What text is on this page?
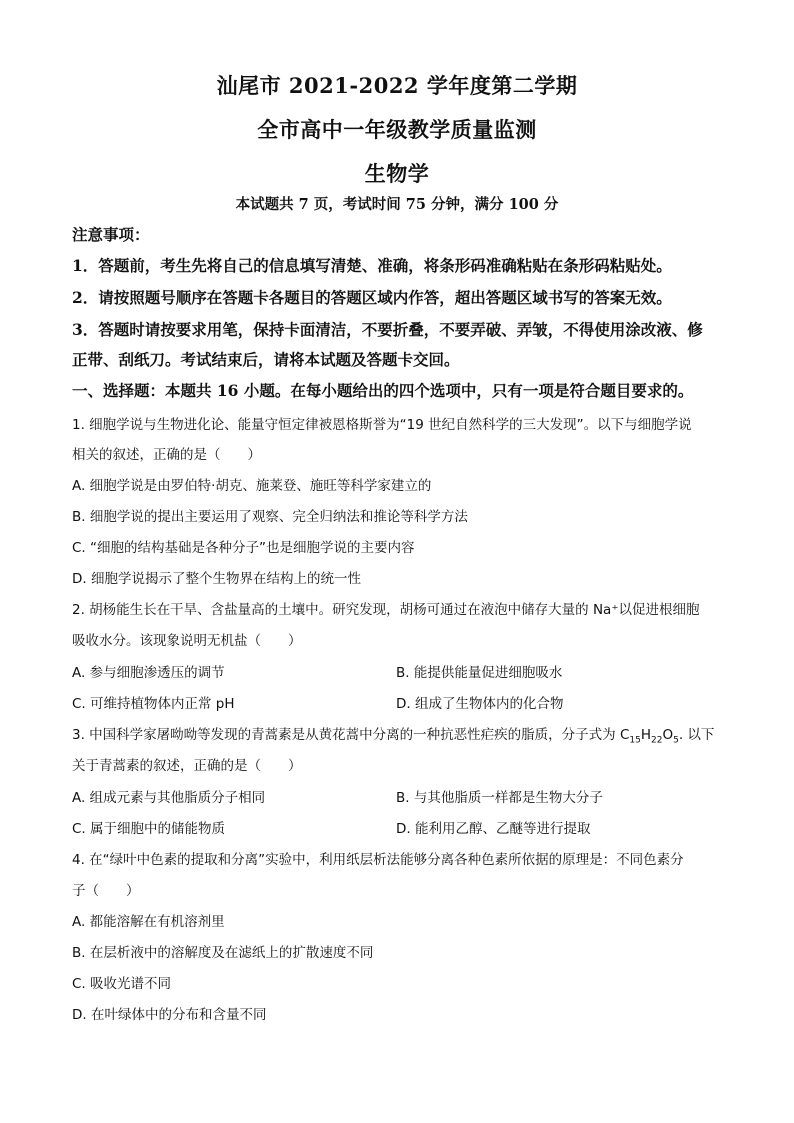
汕尾市 2021-2022 学年度第二学期
全市高中一年级教学质量监测
生物学
本试题共 7 页，考试时间 75 分钟，满分 100 分
注意事项：
1．答题前，考生先将自己的信息填写清楚、准确，将条形码准确粘贴在条形码粘贴处。
2．请按照题号顺序在答题卡各题目的答题区域内作答，超出答题区域书写的答案无效。
3．答题时请按要求用笔，保持卡面清洁，不要折叠，不要弄破、弄皱，不得使用涂改液、修
正带、刮纸刀。考试结束后，请将本试题及答题卡交回。
一、选择题：本题共 16 小题。在每小题给出的四个选项中，只有一项是符合题目要求的。
1. 细胞学说与生物进化论、能量守恒定律被恩格斯誉为“19 世纪自然科学的三大发现”。以下与细胞学说
相关的叙述，正确的是（　　）
A. 细胞学说是由罗伯特·胡克、施莱登、施旺等科学家建立的
B. 细胞学说的提出主要运用了观察、完全归纳法和推论等科学方法
C. “细胞的结构基础是各种分子”也是细胞学说的主要内容
D. 细胞学说揭示了整个生物界在结构上的统一性
2. 胡杨能生长在干旱、含盐量高的土壤中。研究发现，胡杨可通过在液泡中储存大量的 Na⁺以促进根细胞
吸收水分。该现象说明无机盐（　　）
A. 参与细胞渗透压的调节	B. 能提供能量促进细胞吸水
C. 可维持植物体内正常 pH	D. 组成了生物体内的化合物
3. 中国科学家屠呦呦等发现的青蒿素是从黄花蒿中分离的一种抗恶性疟疾的脂质，分子式为 $C_{15}H_{22}O_5$. 以下
关于青蒿素的叙述，正确的是（　　）
A. 组成元素与其他脂质分子相同	B. 与其他脂质一样都是生物大分子
C. 属于细胞中的储能物质	D. 能利用乙醇、乙醚等进行提取
4. 在“绿叶中色素的提取和分离”实验中，利用纸层析法能够分离各种色素所依据的原理是：不同色素分
子（　　）
A. 都能溶解在有机溶剂里
B. 在层析液中的溶解度及在滤纸上的扩散速度不同
C. 吸收光谱不同
D. 在叶绿体中的分布和含量不同
